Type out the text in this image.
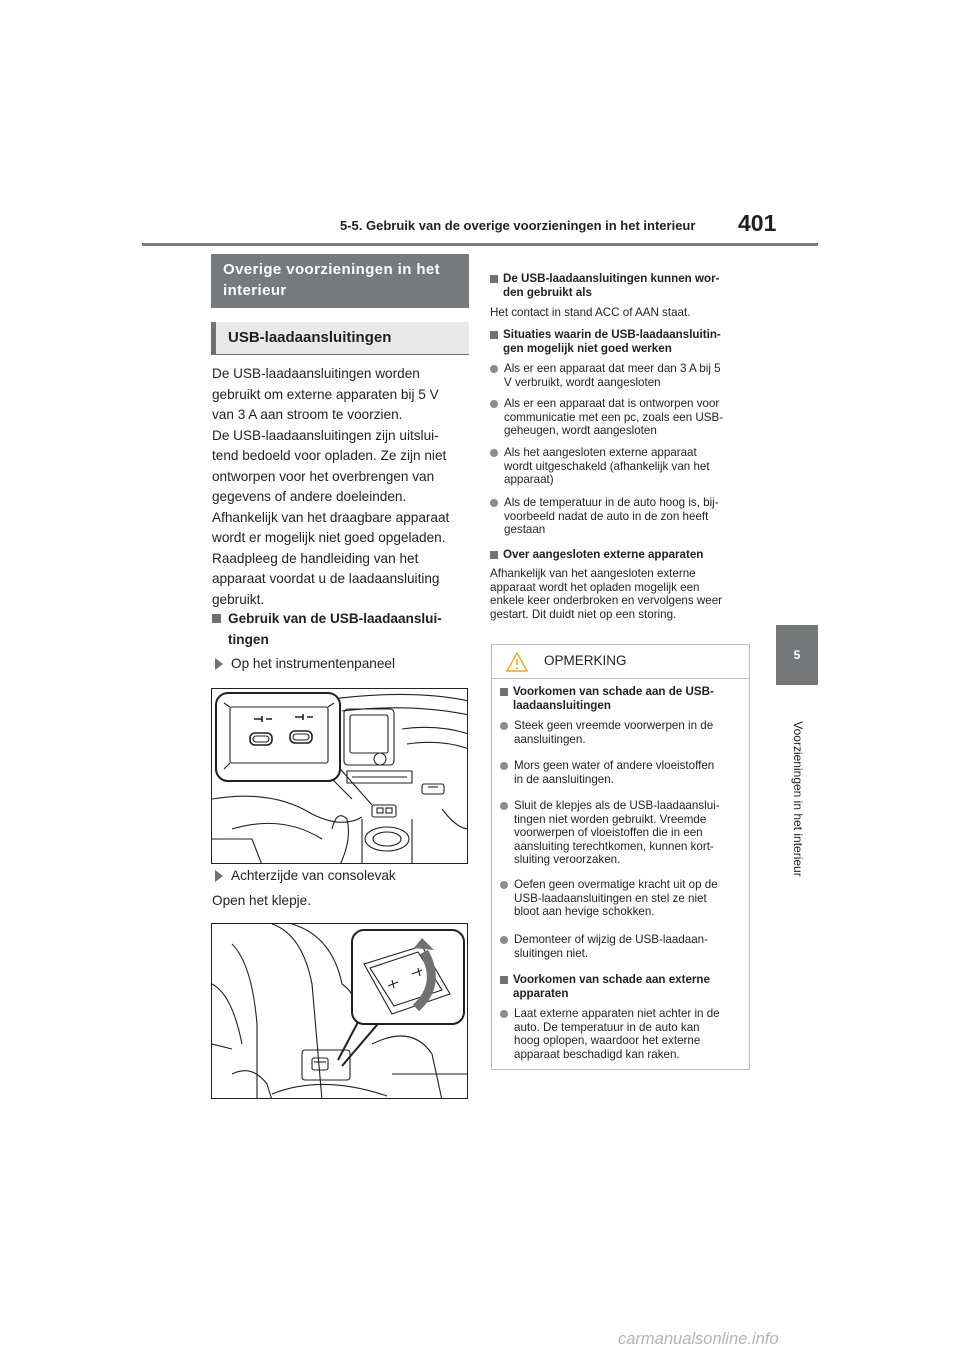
5-5. Gebruik van de overige voorzieningen in het interieur 401
5
Voorzieningen in het interieur
Overige voorzieningen in het interieur
USB-laadaansluitingen
De USB-laadaansluitingen worden
gebruikt om externe apparaten bij 5 V
van 3 A aan stroom te voorzien.
De USB-laadaansluitingen zijn uitslui-
tend bedoeld voor opladen. Ze zijn niet
ontworpen voor het overbrengen van
gegevens of andere doeleinden.
Afhankelijk van het draagbare apparaat
wordt er mogelijk niet goed opgeladen.
Raadpleeg de handleiding van het
apparaat voordat u de laadaansluiting
gebruikt.
Gebruik van de USB-laadaanslui-
tingen
Op het instrumentenpaneel
Achterzijde van consolevak
Open het klepje.
De USB-laadaansluitingen kunnen wor-
den gebruikt als
Het contact in stand ACC of AAN staat.
Situaties waarin de USB-laadaansluitin-
gen mogelijk niet goed werken
Als er een apparaat dat meer dan 3 A bij 5
V verbruikt, wordt aangesloten
Als er een apparaat dat is ontworpen voor
communicatie met een pc, zoals een USB-
geheugen, wordt aangesloten
Als het aangesloten externe apparaat
wordt uitgeschakeld (afhankelijk van het
apparaat)
Als de temperatuur in de auto hoog is, bij-
voorbeeld nadat de auto in de zon heeft
gestaan
Over aangesloten externe apparaten
Afhankelijk van het aangesloten externe
apparaat wordt het opladen mogelijk een
enkele keer onderbroken en vervolgens weer
gestart. Dit duidt niet op een storing.
OPMERKING
Voorkomen van schade aan de USB-
laadaansluitingen
Steek geen vreemde voorwerpen in de
aansluitingen.
Mors geen water of andere vloeistoffen
in de aansluitingen.
Sluit de klepjes als de USB-laadaanslui-
tingen niet worden gebruikt. Vreemde
voorwerpen of vloeistoffen die in een
aansluiting terechtkomen, kunnen kort-
sluiting veroorzaken.
Oefen geen overmatige kracht uit op de
USB-laadaansluitingen en stel ze niet
bloot aan hevige schokken.
Demonteer of wijzig de USB-laadaan-
sluitingen niet.
Voorkomen van schade aan externe
apparaten
Laat externe apparaten niet achter in de
auto. De temperatuur in de auto kan
hoog oplopen, waardoor het externe
apparaat beschadigd kan raken.
carmanualsonline.info
